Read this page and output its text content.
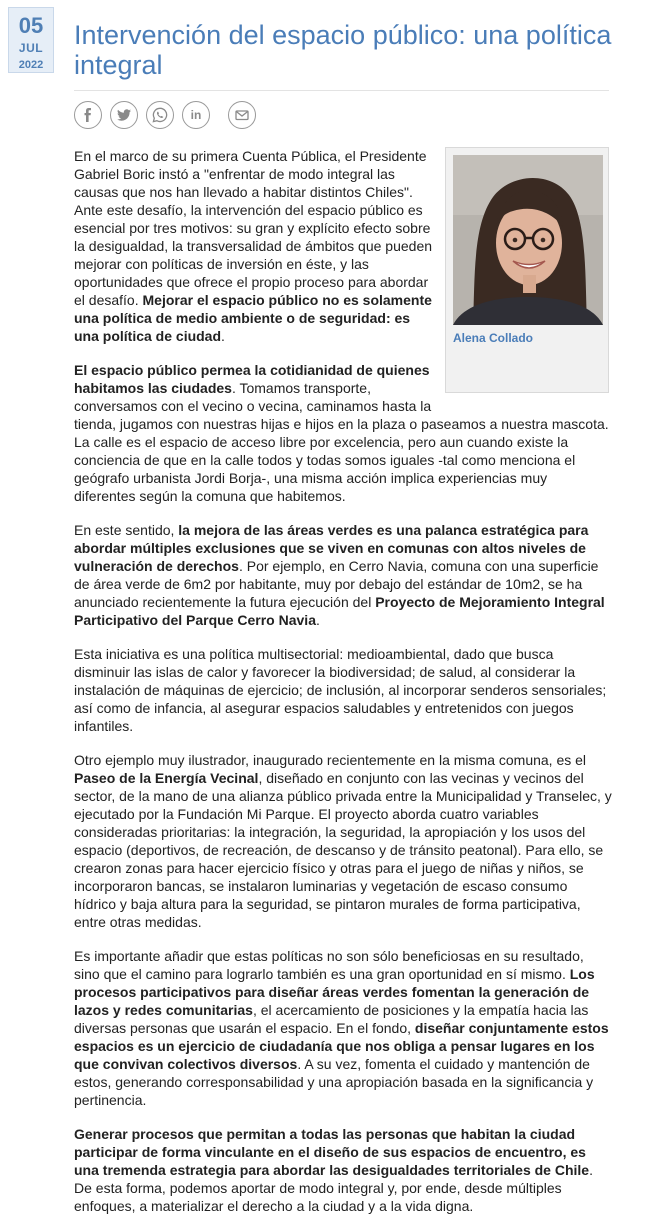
05
JUL
2022
Intervención del espacio público: una política integral
in
Alena Collado

En el marco de su primera Cuenta Pública, el Presidente Gabriel Boric instó a "enfrentar de modo integral las causas que nos han llevado a habitar distintos Chiles". Ante este desafío, la intervención del espacio público es esencial por tres motivos: su gran y explícito efecto sobre la desigualdad, la transversalidad de ámbitos que pueden mejorar con políticas de inversión en éste, y las oportunidades que ofrece el propio proceso para abordar el desafío. Mejorar el espacio público no es solamente una política de medio ambiente o de seguridad: es una política de ciudad.

El espacio público permea la cotidianidad de quienes habitamos las ciudades. Tomamos transporte, conversamos con el vecino o vecina, caminamos hasta la tienda, jugamos con nuestras hijas e hijos en la plaza o paseamos a nuestra mascota. La calle es el espacio de acceso libre por excelencia, pero aun cuando existe la conciencia de que en la calle todos y todas somos iguales -tal como menciona el geógrafo urbanista Jordi Borja-, una misma acción implica experiencias muy diferentes según la comuna que habitemos.

En este sentido, la mejora de las áreas verdes es una palanca estratégica para abordar múltiples exclusiones que se viven en comunas con altos niveles de vulneración de derechos. Por ejemplo, en Cerro Navia, comuna con una superficie de área verde de 6m2 por habitante, muy por debajo del estándar de 10m2, se ha anunciado recientemente la futura ejecución del Proyecto de Mejoramiento Integral Participativo del Parque Cerro Navia.

Esta iniciativa es una política multisectorial: medioambiental, dado que busca disminuir las islas de calor y favorecer la biodiversidad; de salud, al considerar la instalación de máquinas de ejercicio; de inclusión, al incorporar senderos sensoriales; así como de infancia, al asegurar espacios saludables y entretenidos con juegos infantiles.

Otro ejemplo muy ilustrador, inaugurado recientemente en la misma comuna, es el Paseo de la Energía Vecinal, diseñado en conjunto con las vecinas y vecinos del sector, de la mano de una alianza público privada entre la Municipalidad y Transelec, y ejecutado por la Fundación Mi Parque. El proyecto aborda cuatro variables consideradas prioritarias: la integración, la seguridad, la apropiación y los usos del espacio (deportivos, de recreación, de descanso y de tránsito peatonal). Para ello, se crearon zonas para hacer ejercicio físico y otras para el juego de niñas y niños, se incorporaron bancas, se instalaron luminarias y vegetación de escaso consumo hídrico y baja altura para la seguridad, se pintaron murales de forma participativa, entre otras medidas.

Es importante añadir que estas políticas no son sólo beneficiosas en su resultado, sino que el camino para lograrlo también es una gran oportunidad en sí mismo. Los procesos participativos para diseñar áreas verdes fomentan la generación de lazos y redes comunitarias, el acercamiento de posiciones y la empatía hacia las diversas personas que usarán el espacio. En el fondo, diseñar conjuntamente estos espacios es un ejercicio de ciudadanía que nos obliga a pensar lugares en los que convivan colectivos diversos. A su vez, fomenta el cuidado y mantención de estos, generando corresponsabilidad y una apropiación basada en la significancia y pertinencia.

Generar procesos que permitan a todas las personas que habitan la ciudad participar de forma vinculante en el diseño de sus espacios de encuentro, es una tremenda estrategia para abordar las desigualdades territoriales de Chile. De esta forma, podemos aportar de modo integral y, por ende, desde múltiples enfoques, a materializar el derecho a la ciudad y a la vida digna.
